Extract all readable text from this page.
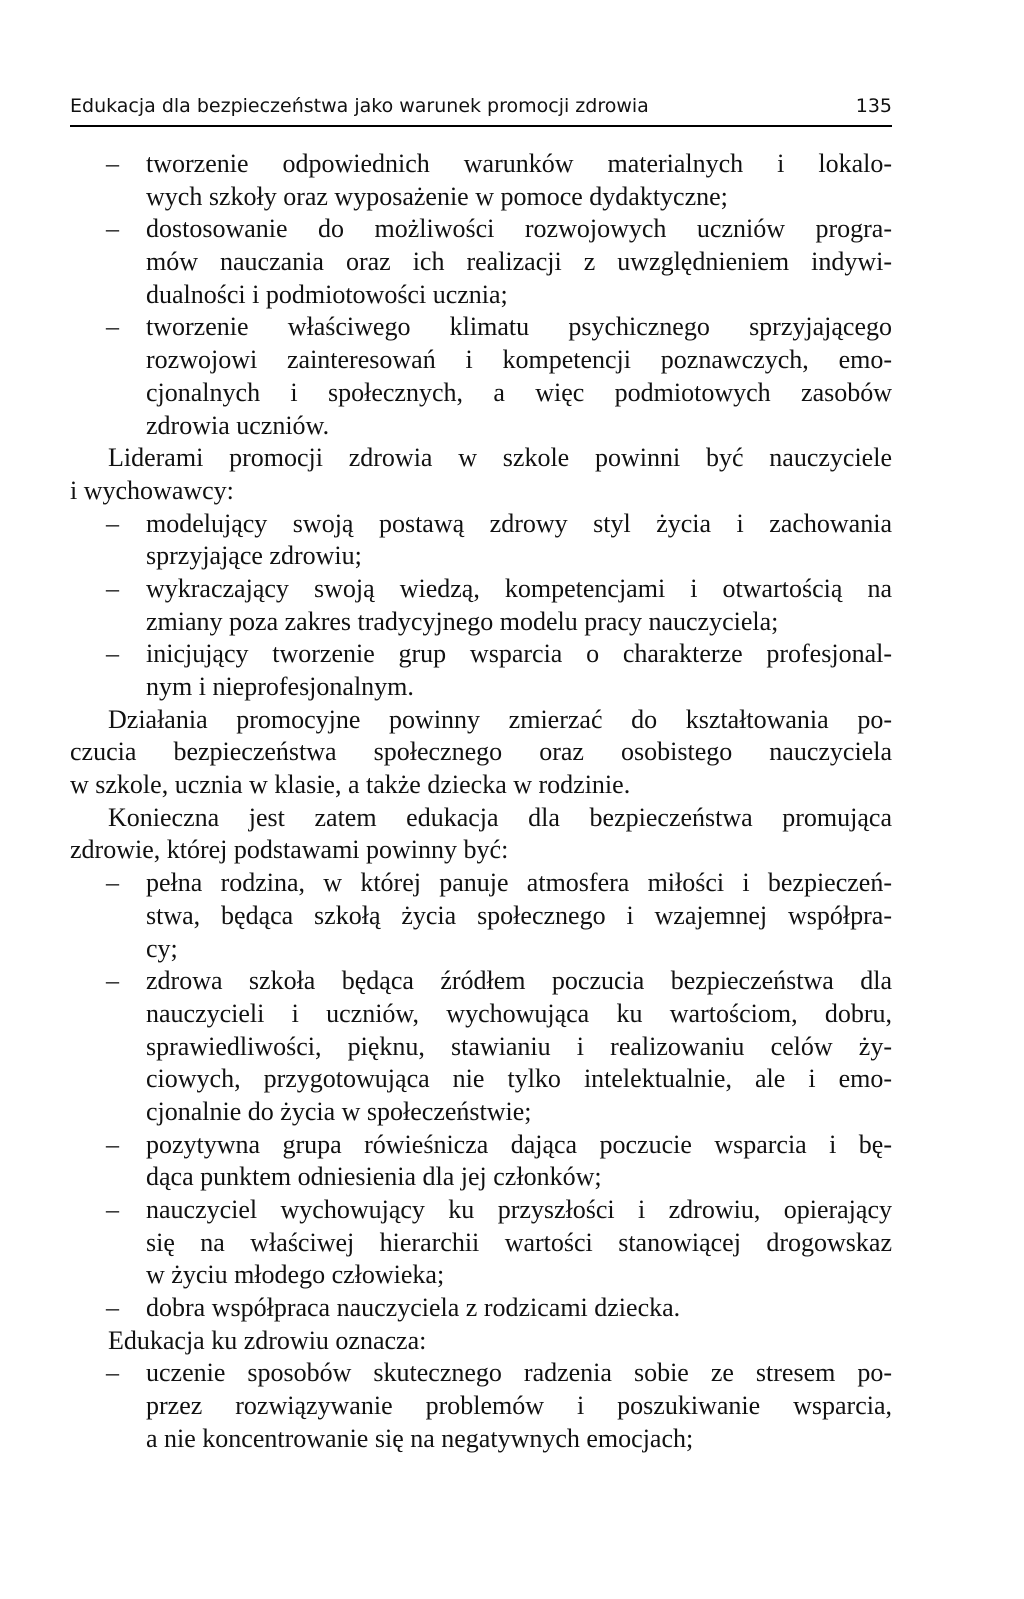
Edukacja dla bezpieczeństwa jako warunek promocji zdrowia	135
– tworzenie odpowiednich warunków materialnych i lokalo-
wych szkoły oraz wyposażenie w pomoce dydaktyczne;
– dostosowanie do możliwości rozwojowych uczniów progra-
mów nauczania oraz ich realizacji z uwzględnieniem indywi-
dualności i podmiotowości ucznia;
– tworzenie właściwego klimatu psychicznego sprzyjającego
rozwojowi zainteresowań i kompetencji poznawczych, emo-
cjonalnych i społecznych, a więc podmiotowych zasobów
zdrowia uczniów.
Liderami promocji zdrowia w szkole powinni być nauczyciele
i wychowawcy:
– modelujący swoją postawą zdrowy styl życia i zachowania
sprzyjające zdrowiu;
– wykraczający swoją wiedzą, kompetencjami i otwartością na
zmiany poza zakres tradycyjnego modelu pracy nauczyciela;
– inicjujący tworzenie grup wsparcia o charakterze profesjonal-
nym i nieprofesjonalnym.
Działania promocyjne powinny zmierzać do kształtowania po-
czucia bezpieczeństwa społecznego oraz osobistego nauczyciela
w szkole, ucznia w klasie, a także dziecka w rodzinie.
Konieczna jest zatem edukacja dla bezpieczeństwa promująca
zdrowie, której podstawami powinny być:
– pełna rodzina, w której panuje atmosfera miłości i bezpieczeń-
stwa, będąca szkołą życia społecznego i wzajemnej współpra-
cy;
– zdrowa szkoła będąca źródłem poczucia bezpieczeństwa dla
nauczycieli i uczniów, wychowująca ku wartościom, dobru,
sprawiedliwości, pięknu, stawianiu i realizowaniu celów ży-
ciowych, przygotowująca nie tylko intelektualnie, ale i emo-
cjonalnie do życia w społeczeństwie;
– pozytywna grupa rówieśnicza dająca poczucie wsparcia i bę-
dąca punktem odniesienia dla jej członków;
– nauczyciel wychowujący ku przyszłości i zdrowiu, opierający
się na właściwej hierarchii wartości stanowiącej drogowskaz
w życiu młodego człowieka;
– dobra współpraca nauczyciela z rodzicami dziecka.
Edukacja ku zdrowiu oznacza:
– uczenie sposobów skutecznego radzenia sobie ze stresem po-
przez rozwiązywanie problemów i poszukiwanie wsparcia,
a nie koncentrowanie się na negatywnych emocjach;
